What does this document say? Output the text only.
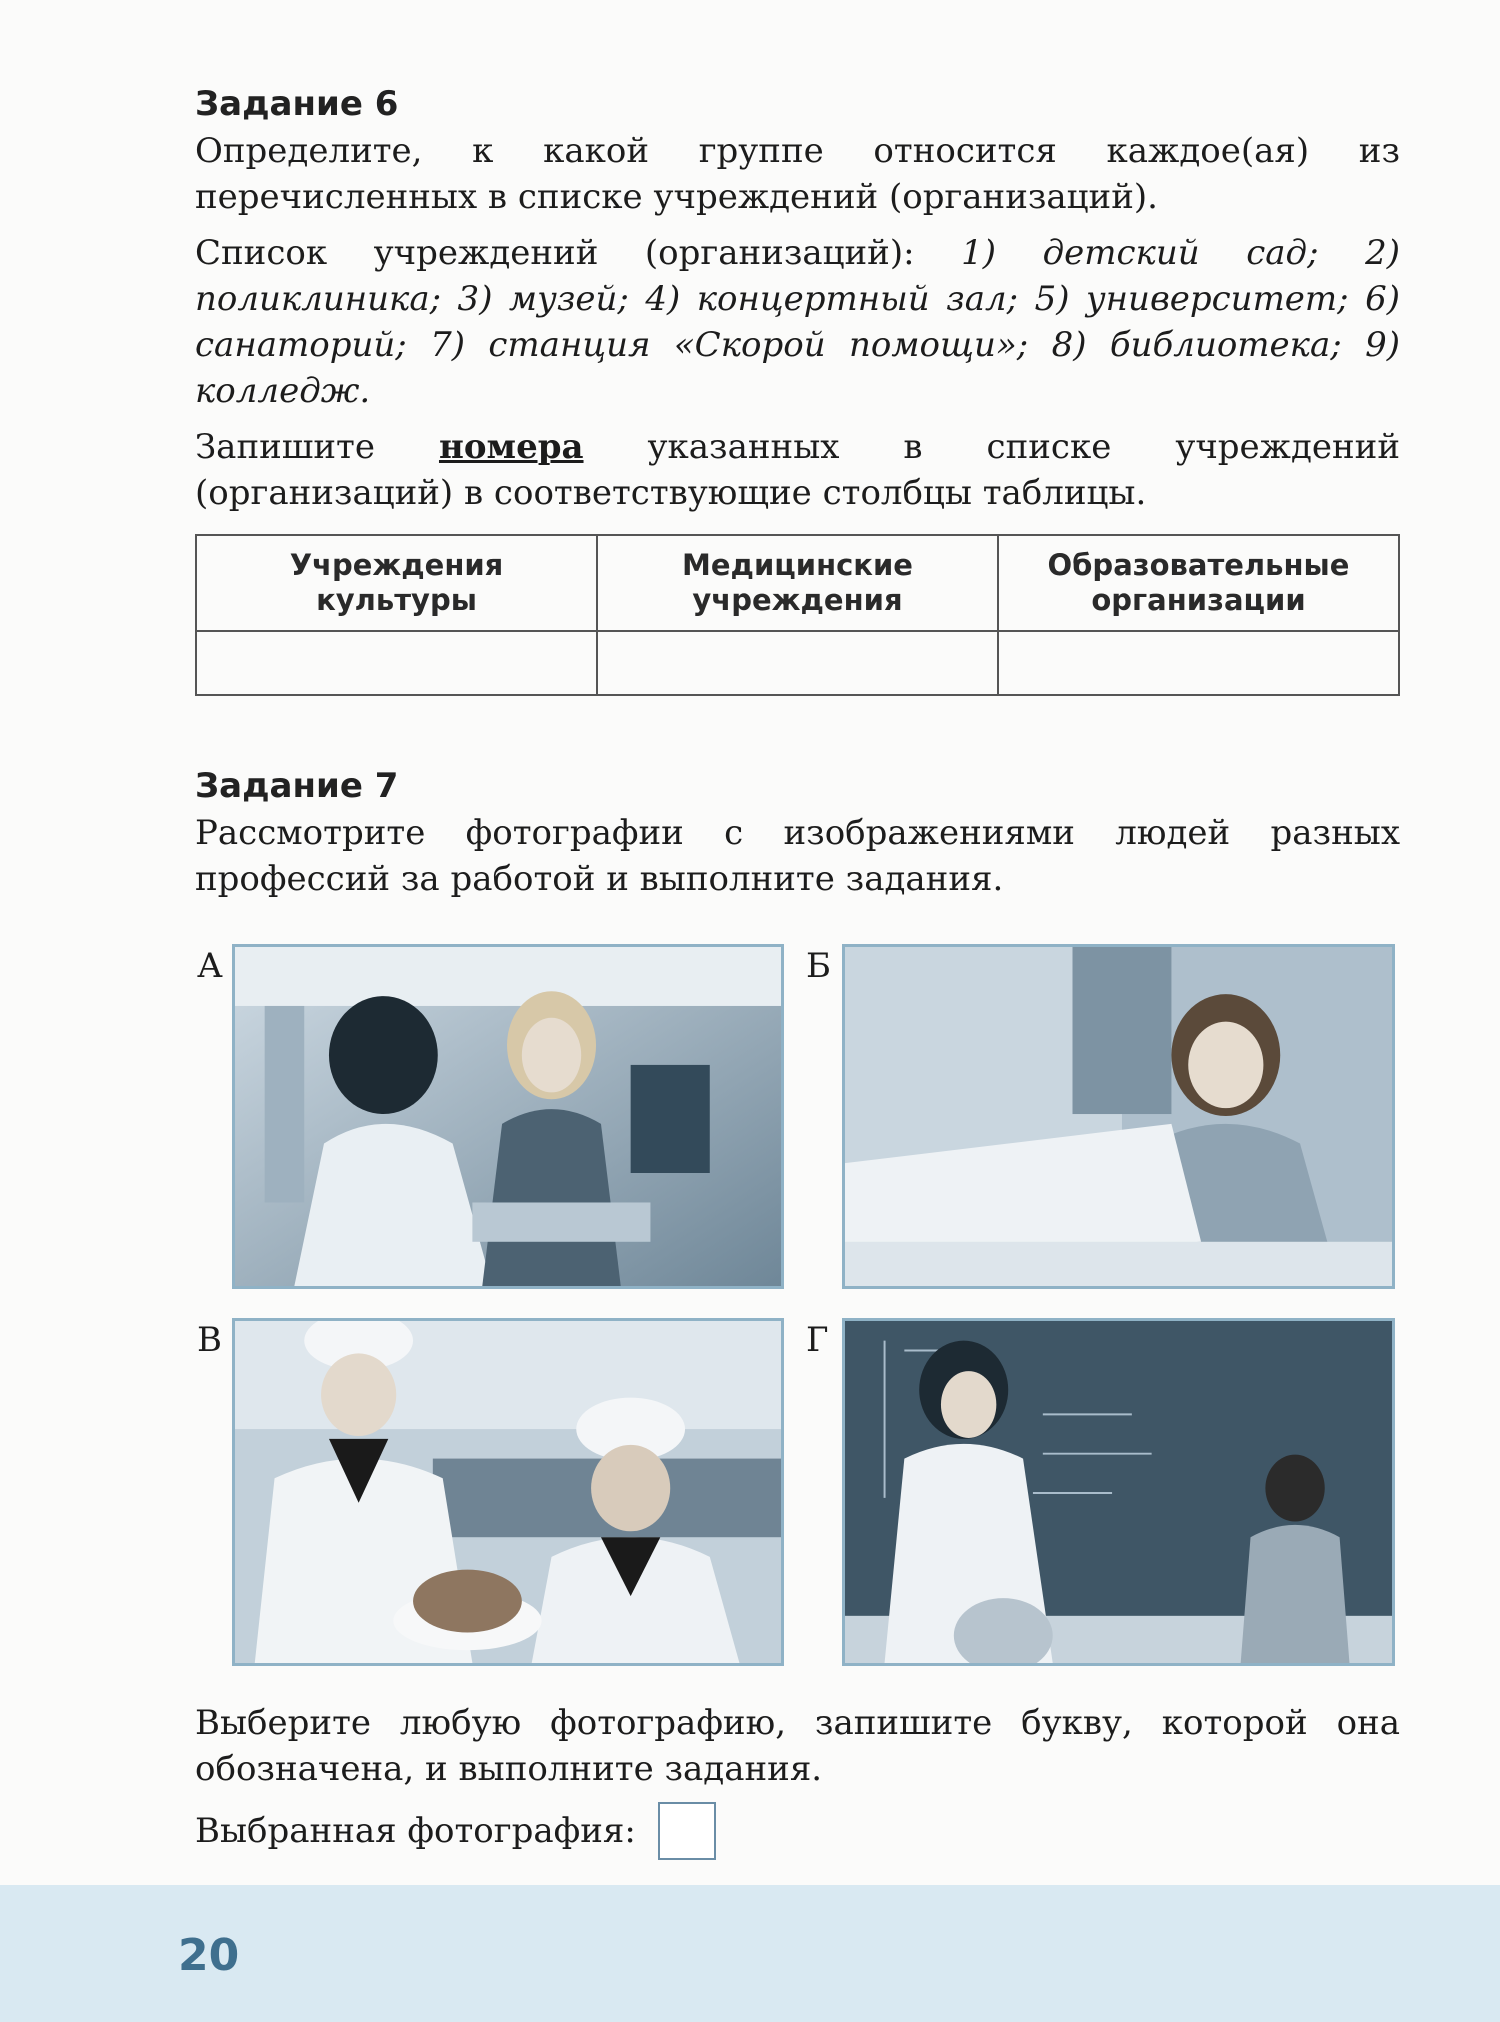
Задание 6

Определите, к какой группе относится каждое(ая) из перечисленных в списке учреждений (организаций).

Список учреждений (организаций): 1) детский сад; 2) поликлиника; 3) музей; 4) концертный зал; 5) университет; 6) санаторий; 7) станция «Скорой помощи»; 8) библиотека; 9) колледж.

Запишите номера указанных в списке учреждений (организаций) в соответствующие столбцы таблицы.

Учреждения культуры	Медицинские учреждения	Образовательные организации

Задание 7

Рассмотрите фотографии с изображениями людей разных профессий за работой и выполните задания.

А	Б
В	Г

Выберите любую фотографию, запишите букву, которой она обозначена, и выполните задания.

Выбранная фотография:
20
